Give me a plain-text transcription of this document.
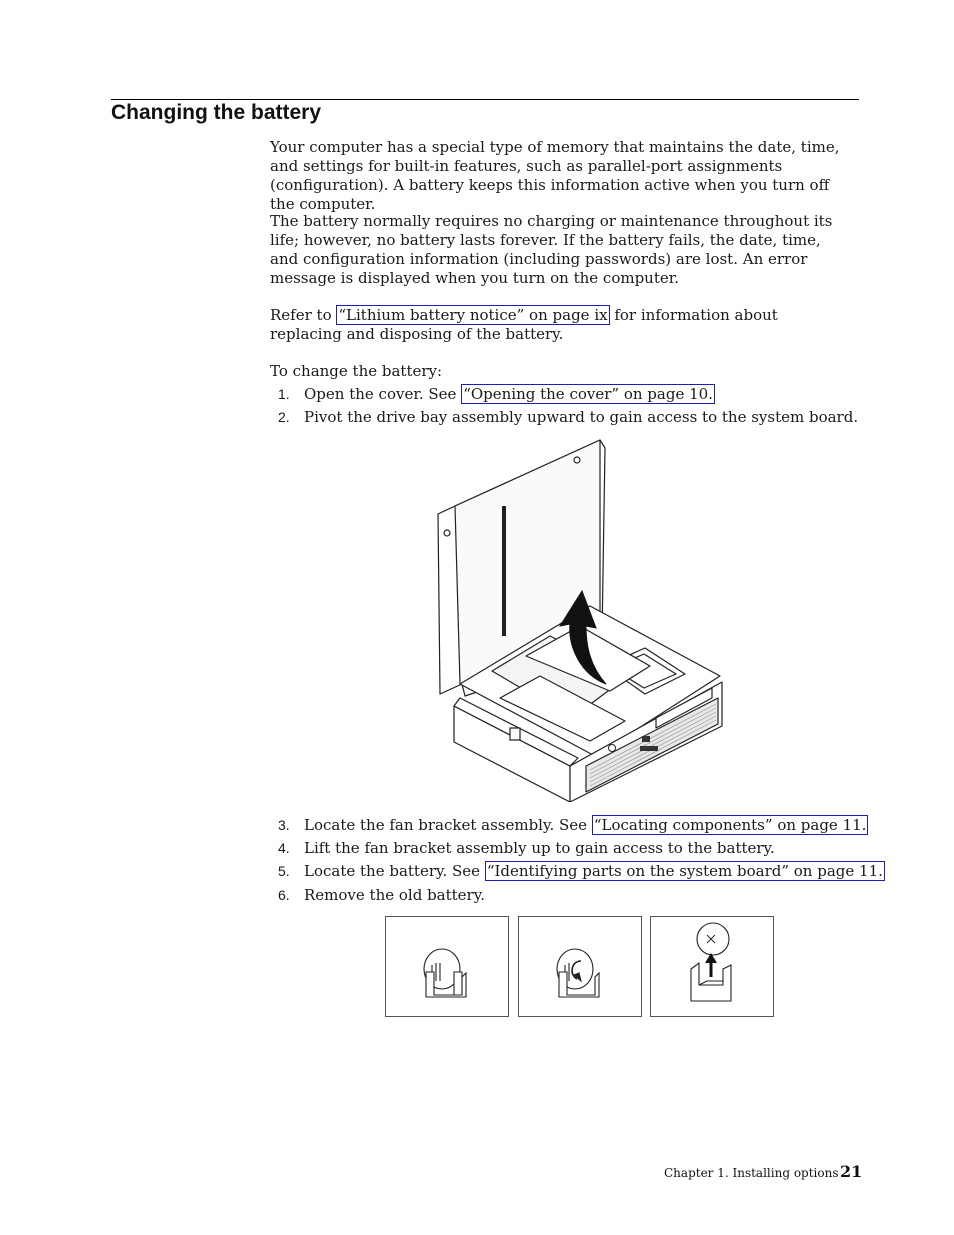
Changing the battery

Your computer has a special type of memory that maintains the date, time, and settings for built-in features, such as parallel-port assignments (configuration). A battery keeps this information active when you turn off the computer.

The battery normally requires no charging or maintenance throughout its life; however, no battery lasts forever. If the battery fails, the date, time, and configuration information (including passwords) are lost. An error message is displayed when you turn on the computer.

Refer to “Lithium battery notice” on page ix for information about replacing and disposing of the battery.

To change the battery:
1. Open the cover. See “Opening the cover” on page 10.
2. Pivot the drive bay assembly upward to gain access to the system board.
3. Locate the fan bracket assembly. See “Locating components” on page 11.
4. Lift the fan bracket assembly up to gain access to the battery.
5. Locate the battery. See “Identifying parts on the system board” on page 11.
6. Remove the old battery.
Chapter 1. Installing options 21
